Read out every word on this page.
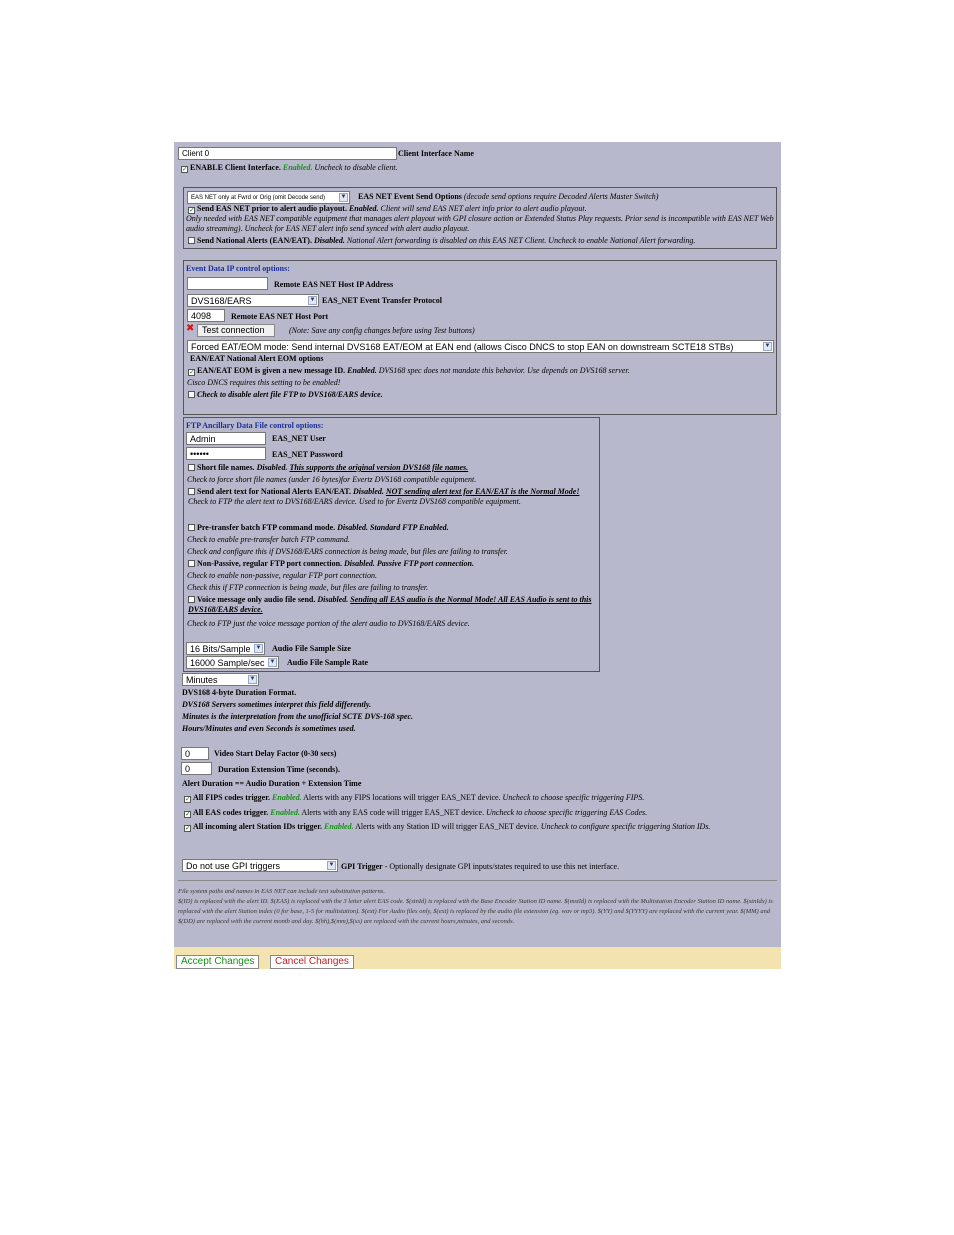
Client 0	Client Interface Name
✓ ENABLE Client Interface. Enabled. Uncheck to disable client.
EAS NET only at Fwrd or Orig (omit Decode send)	▼ EAS NET Event Send Options (decode send options require Decoded Alerts Master Switch)
✓ Send EAS NET prior to alert audio playout. Enabled. Client will send EAS NET alert info prior to alert audio playout.
Only needed with EAS NET compatible equipment that manages alert playout with GPI closure action or Extended Status Play requests. Prior send is incompatible with EAS NET Web audio streaming). Uncheck for EAS NET alert info send synced with alert audio playout.
Send National Alerts (EAN/EAT). Disabled. National Alert forwarding is disabled on this EAS NET Client. Uncheck to enable National Alert forwarding.
Event Data IP control options:
Remote EAS NET Host IP Address
DVS168/EARS	▼ EAS_NET Event Transfer Protocol
4098	Remote EAS NET Host Port
✖ Test connection	(Note: Save any config changes before using Test buttons)
Forced EAT/EOM mode: Send internal DVS168 EAT/EOM at EAN end (allows Cisco DNCS to stop EAN on downstream SCTE18 STBs)	▼
EAN/EAT National Alert EOM options
✓ EAN/EAT EOM is given a new message ID. Enabled. DVS168 spec does not mandate this behavior. Use depends on DVS168 server.
Cisco DNCS requires this setting to be enabled!
Check to disable alert file FTP to DVS168/EARS device.
FTP Ancillary Data File control options:
Admin	EAS_NET User
••••••	EAS_NET Password
Short file names. Disabled. This supports the original version DVS168 file names.
Check to force short file names (under 16 bytes)for Evertz DVS168 compatible equipment.
Send alert text for National Alerts EAN/EAT. Disabled. NOT sending alert text for EAN/EAT is the Normal Mode! Check to FTP the alert text to DVS168/EARS device. Used to for Evertz DVS168 compatible equipment.
Pre-transfer batch FTP command mode. Disabled. Standard FTP Enabled.
Check to enable pre-transfer batch FTP command.
Check and configure this if DVS168/EARS connection is being made, but files are failing to transfer.
Non-Passive, regular FTP port connection. Disabled. Passive FTP port connection.
Check to enable non-passive, regular FTP port connection.
Check this if FTP connection is being made, but files are failing to transfer.
Voice message only audio file send. Disabled. Sending all EAS audio is the Normal Mode! All EAS Audio is sent to this DVS168/EARS device.
Check to FTP just the voice message portion of the alert audio to DVS168/EARS device.
16 Bits/Sample ▼ Audio File Sample Size
16000 Sample/sec ▼ Audio File Sample Rate
Minutes	▼
DVS168 4-byte Duration Format.
DVS168 Servers sometimes interpret this field differently.
Minutes is the interpretation from the unofficial SCTE DVS-168 spec.
Hours/Minutes and even Seconds is sometimes used.
0	Video Start Delay Factor (0-30 secs)
0	Duration Extension Time (seconds).
Alert Duration == Audio Duration + Extension Time
✓ All FIPS codes trigger. Enabled. Alerts with any FIPS locations will trigger EAS_NET device. Uncheck to choose specific triggering FIPS.
✓ All EAS codes trigger. Enabled. Alerts with any EAS code will trigger EAS_NET device. Uncheck to choose specific triggering EAS Codes.
✓ All incoming alert Station IDs trigger. Enabled. Alerts with any Station ID will trigger EAS_NET device. Uncheck to configure specific triggering Station IDs.
Do not use GPI triggers	▼ GPI Trigger - Optionally designate GPI inputs/states required to use this net interface.
File system paths and names in EAS NET can include text substitution patterns.
$(ID) is replaced with the alert ID. $(EAS) is replaced with the 3 letter alert EAS code. $(stnId) is replaced with the Base Encoder Station ID name. $(mstId) is replaced with the Multistation Encoder Station ID name. $(stnIdx) is replaced with the alert Station index (0 for base, 1-5 for multistation). $(ext) For Audio files only, $(ext) is replaced by the audio file extension (eg. wav or mp3). $(YY) and $(YYYY) are replaced with the current year. $(MM) and $(DD) are replaced with the current month and day. $(hh),$(mm),$(ss) are replaced with the current hours,minutes, and seconds.
Accept Changes	Cancel Changes
